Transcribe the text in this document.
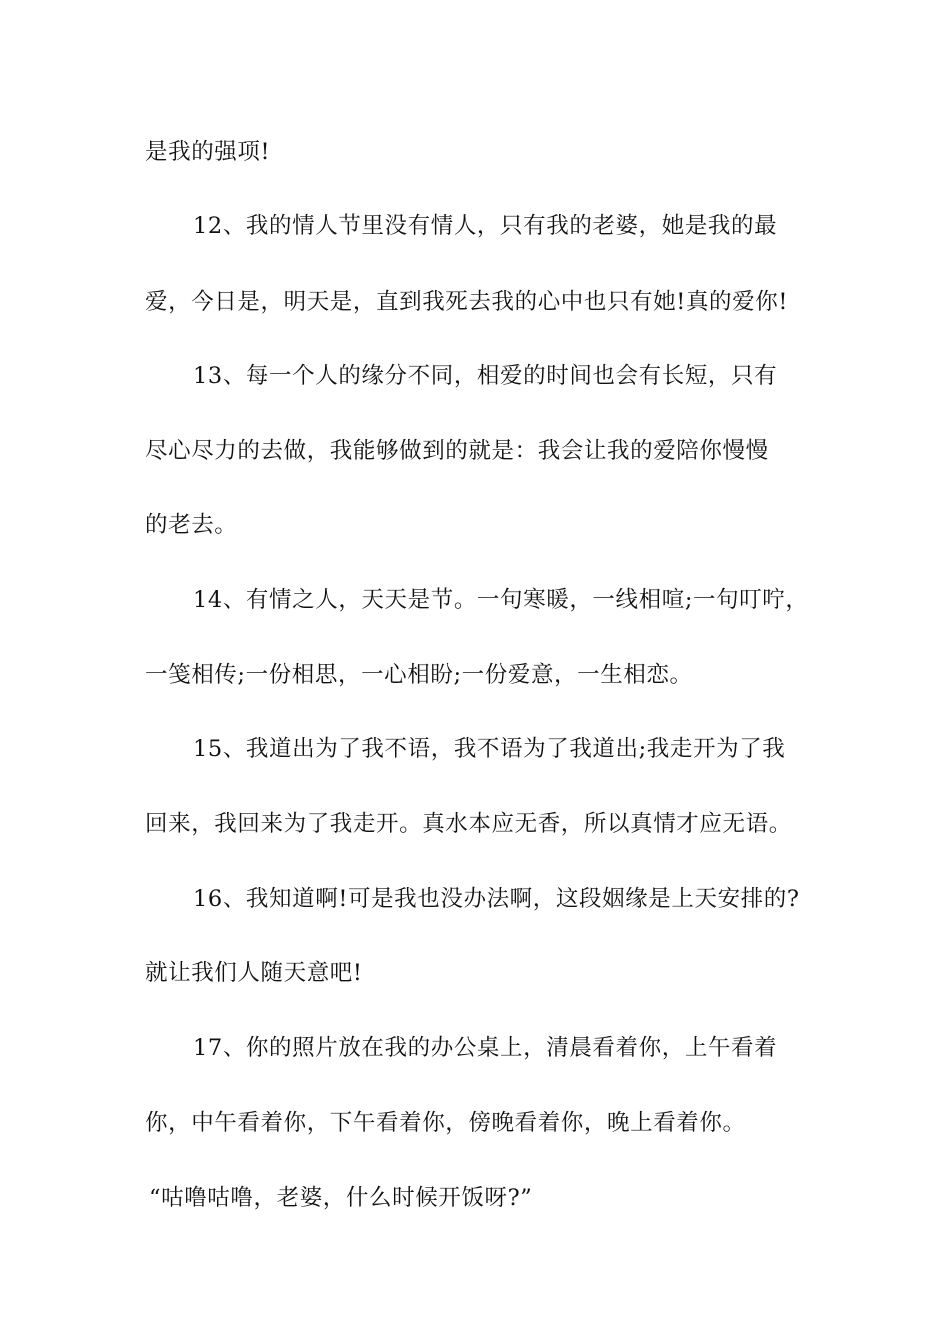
是我的强项!
12、我的情人节里没有情人，只有我的老婆，她是我的最
爱，今日是，明天是，直到我死去我的心中也只有她!真的爱你!
13、每一个人的缘分不同，相爱的时间也会有长短，只有
尽心尽力的去做，我能够做到的就是：我会让我的爱陪你慢慢
的老去。
14、有情之人，天天是节。一句寒暖，一线相喧;一句叮咛，
一笺相传;一份相思，一心相盼;一份爱意，一生相恋。
15、我道出为了我不语，我不语为了我道出;我走开为了我
回来，我回来为了我走开。真水本应无香，所以真情才应无语。
16、我知道啊!可是我也没办法啊，这段姻缘是上天安排的?
就让我们人随天意吧!
17、你的照片放在我的办公桌上，清晨看着你，上午看着
你，中午看着你，下午看着你，傍晚看着你，晚上看着你。
“咕噜咕噜，老婆，什么时候开饭呀?”
